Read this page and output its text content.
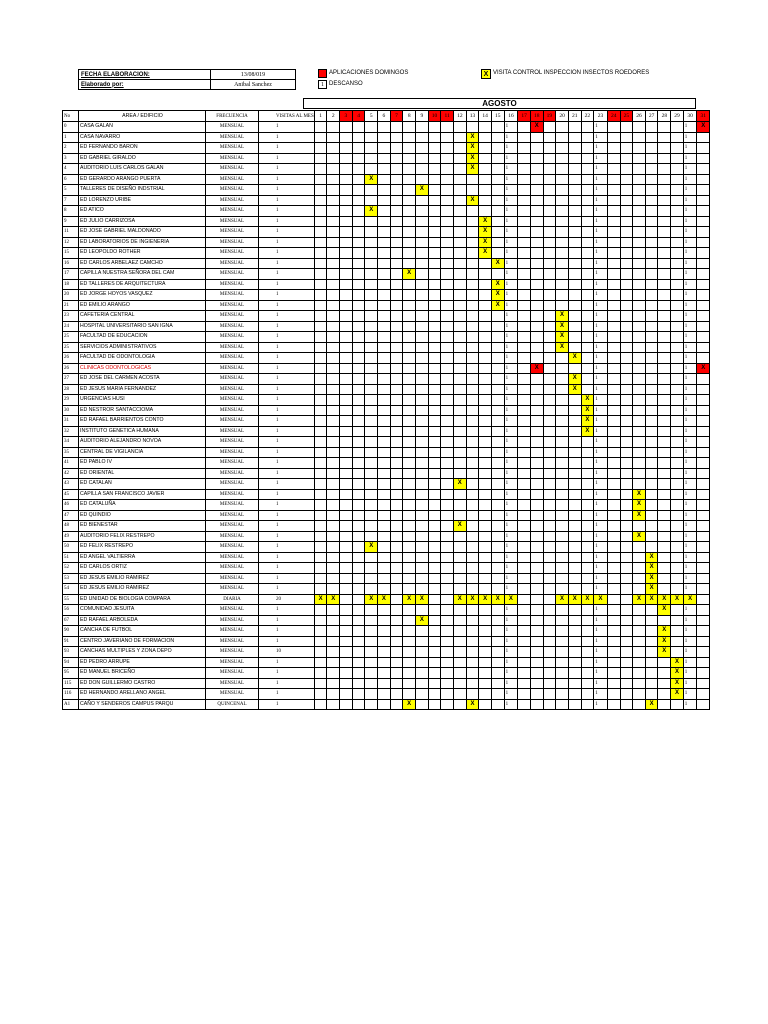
FECHA ELABORACION:	13/08/019
Elaborado por:	Anibal Sanchez
APLICACIONES DOMINGOS
1 DESCANSO
X VISITA CONTROL INSPECCION INSECTOS ROEDORES
AGOSTO
No	AREA / EDIFICIO	FRECUENCIA	VISITAS AL MES	1	2	3	4	5	6	7	8	9	10	11	12	13	14	15	16	17	18	19	20	21	22	23	24	25	26	27	28	29	30	31
0	CASA GALAN	MENSUAL	1																1		X					1							1	X
1	CASA NAVARRO	MENSUAL	1													X			1							1							1	
2	ED FERNANDO BARON	MENSUAL	1													X			1							1							1	
3	ED GABRIEL GIRALDO	MENSUAL	1													X			1							1							1	
4	AUDITORIO LUIS CARLOS GALAN	MENSUAL	1													X			1							1							1	
6	ED GERARDO ARANGO PUERTA	MENSUAL	1					X											1							1							1	
5	TALLERES DE DISEÑO INDSTRIAL	MENSUAL	1									X							1							1							1	
7	ED LORENZO URIBE	MENSUAL	1													X			1							1							1	
8	ED ATICO	MENSUAL	1					X											1							1							1	
9	ED JULIO CARRIZOSA	MENSUAL	1														X		1							1							1	
11	ED JOSE GABRIEL MALDONADO	MENSUAL	1														X		1							1							1	
12	ED LABORATORIOS DE INGIENERIA	MENSUAL	1														X		1							1							1	
15	ED LEOPOLDO ROTHER	MENSUAL	1														X		1							1							1	
16	ED CARLOS ARBELAEZ CAMCHO	MENSUAL	1															X	1							1							1	
17	CAPILLA NUESTRA SEÑORA DEL CAM	MENSUAL	1								X								1							1							1	
18	ED TALLERES DE ARQUITECTURA	MENSUAL	1															X	1							1							1	
20	ED JORGE HOYOS VASQUEZ	MENSUAL	1															X	1							1							1	
21	ED EMILIO ARANGO	MENSUAL	1															X	1							1							1	
23	CAFETERIA CENTRAL	MENSUAL	1																1				X			1							1	
24	HOSPITAL UNIVERSITARIO SAN IGNA	MENSUAL	1																1				X			1							1	
25	FACULTAD DE EDUCACION	MENSUAL	1																1				X			1							1	
25	SERVICIOS ADMINISTRATIVOS	MENSUAL	1																1				X			1							1	
26	FACULTAD DE ODONTOLOGIA	MENSUAL	1																1					X		1							1	
26	CLINICAS ODONTOLOGICAS	MENSUAL	1																1		X					1							1	X
27	ED JOSE DEL CARMEN ACOSTA	MENSUAL	1																1					X		1							1	
28	ED JESUS MARIA FERNANDEZ	MENSUAL	1																1					X		1							1	
29	URGENCIAS HUSI	MENSUAL	1																1						X	1							1	
30	ED NESTROR SANTACCIOMA	MENSUAL	1																1						X	1							1	
31	ED RAFAEL BARRIENTOS CONTO	MENSUAL	1																1						X	1							1	
32	INSTITUTO GENETICA HUMANA	MENSUAL	1																1						X	1							1	
34	AUDITORIO ALEJANDRO NOVOA	MENSUAL	1																1							1							1	
35	CENTRAL DE VIGILANCIA	MENSUAL	1																1							1							1	
41	ED PABLO IV	MENSUAL	1																1							1							1	
42	ED ORIENTAL	MENSUAL	1																1							1							1	
43	ED CATALAN	MENSUAL	1												X				1							1							1	
45	CAPILLA SAN FRANCISCO JAVIER	MENSUAL	1																1							1			X				1	
46	ED CATALUÑA	MENSUAL	1																1							1			X				1	
47	ED QUINDIO	MENSUAL	1																1							1			X				1	
48	ED BIENESTAR	MENSUAL	1												X				1							1							1	
49	AUDITORIO FELIX RESTREPO	MENSUAL	1																1							1			X				1	
50	ED FELIX RESTREPO	MENSUAL	1					X											1							1							1	
51	ED ANGEL VALTIERRA	MENSUAL	1																1							1				X			1	
52	ED CARLOS ORTIZ	MENSUAL	1																1							1				X			1	
53	ED JESUS EMILIO RAMIREZ	MENSUAL	1																1							1				X			1	
54	ED JESUS EMILIO RAMIREZ	MENSUAL	1																1							1				X			1	
55	ED UNIDAD DE BIOLOGIA COMPARA	DIARIA	20	X	X			X	X		X	X			X	X	X	X	X				X	X	X	X			X	X	X	X	X	
56	COMUNIDAD JESUITA	MENSUAL	1																1							1					X		1	
67	ED RAFAEL ARBOLEDA	MENSUAL	1									X							1							1							1	
90	CANCHA DE FUTBOL	MENSUAL	1																1							1					X		1	
91	CENTRO JAVERIANO DE FORMACION	MENSUAL	1																1							1					X		1	
93	CANCHAS MULTIPLES Y ZONA DEPO	MENSUAL	10																1							1					X		1	
94	ED PEDRO ARRUPE	MENSUAL	1																1							1						X	1	
95	ED MANUEL BRICEÑO	MENSUAL	1																1							1						X	1	
115	ED DON GUILLERMO CASTRO	MENSUAL	1																1							1						X	1	
116	ED HERNANDO ARELLANO ANGEL	MENSUAL	1																1							1						X	1	
A1	CAÑO Y SENDEROS CAMPUS PARQU	QUINCENAL	1								X					X			1							1				X			1	
